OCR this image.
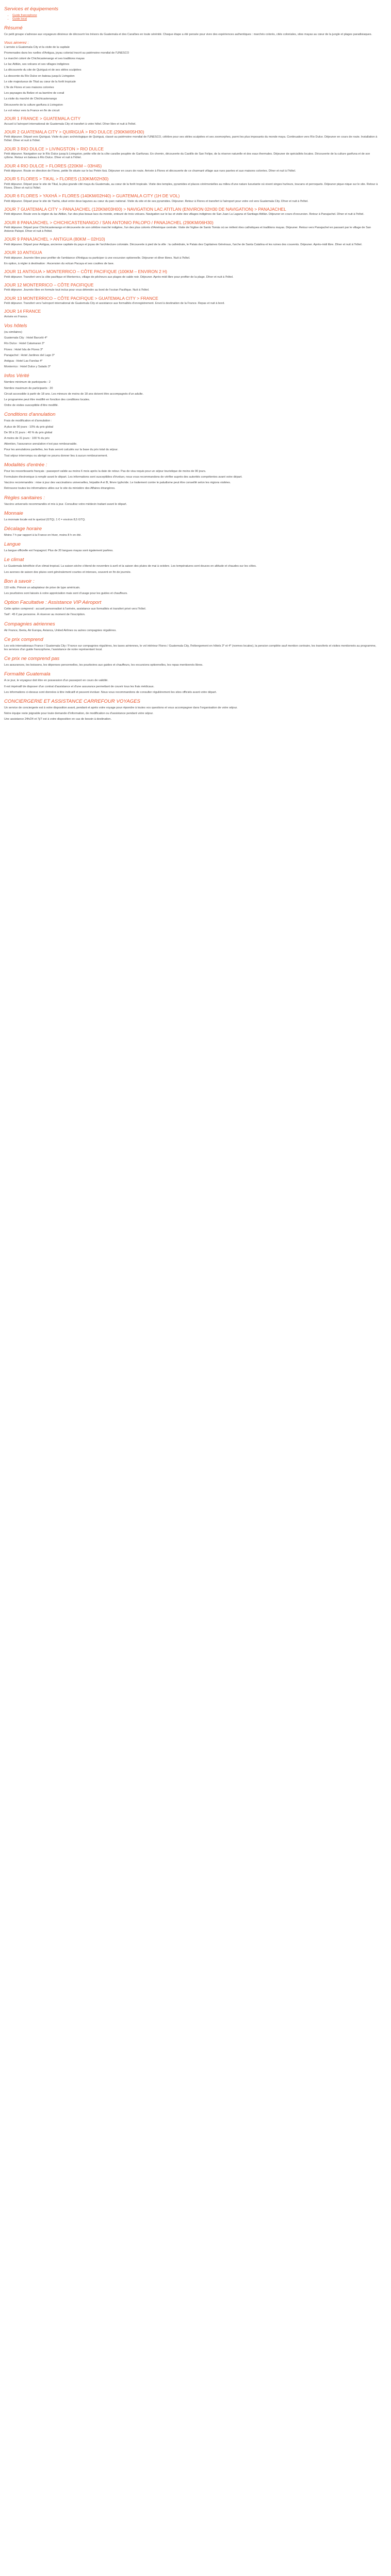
Services et équipements
• Guide francophone
• Guide local
Résumé

Ce petit groupe s'adresse aux voyageurs désireux de découvrir les trésors du Guatemala et des Caraïbes en toute sérénité. Chaque étape a été pensée pour vivre des expériences authentiques : marchés colorés, cités coloniales, sites mayas au cœur de la jungle et plages paradisiaques.

Vous aimerez :

L'arrivée à Guatemala City et la visite de la capitale

Promenades dans les ruelles d'Antigua, joyau colonial inscrit au patrimoine mondial de l'UNESCO

Le marché coloré de Chichicastenango et ses traditions mayas

Le lac Atitlán, ses volcans et ses villages indigènes

La découverte du site de Quiriguá et de ses stèles sculptées

La descente du Río Dulce en bateau jusqu'à Livingston

Le site majestueux de Tikal au cœur de la forêt tropicale

L'île de Flores et ses maisons colorées

Les paysages du Belize et sa barrière de corail

La visite du marché de Chichicastenango

Découverte de la culture garifuna à Livingston

Le vol retour vers la France en fin de circuit

JOUR 1 FRANCE > GUATEMALA CITY

Accueil à l'aéroport international de Guatemala City et transfert à votre hôtel. Dîner libre et nuit à l'hôtel.

JOUR 2 GUATEMALA CITY > QUIRIGUÁ > RIO DULCE (290KM/05H30)

Petit déjeuner. Départ vers Quiriguá. Visite du parc archéologique de Quiriguá, classé au patrimoine mondial de l'UNESCO, célèbre pour ses stèles sculptées et ses zoomorphes, parmi les plus imposants du monde maya. Continuation vers Río Dulce. Déjeuner en cours de route. Installation à l'hôtel. Dîner et nuit à l'hôtel.

JOUR 3 RIO DULCE > LIVINGSTON > RIO DULCE

Petit déjeuner. Navigation sur le Río Dulce jusqu'à Livingston, petite ville de la côte caraïbe peuplée de Garifunas. En chemin, découverte du Castillo de San Felipe, de la réserve naturelle et des eaux thermales. Déjeuner de spécialités locales. Découverte de la culture garifuna et de son rythme. Retour en bateau à Río Dulce. Dîner et nuit à l'hôtel.

JOUR 4 RIO DULCE > FLORES (220KM – 03H45)

Petit déjeuner. Route en direction de Flores, petite île située sur le lac Petén Itzá. Déjeuner en cours de route. Arrivée à Flores et découverte de ce charmant village aux rues pavées et aux maisons colorées. Dîner et nuit à l'hôtel.

JOUR 5 FLORES > TIKAL > FLORES (130KM/02H30)

Petit déjeuner. Départ pour le site de Tikal, la plus grande cité maya du Guatemala, au cœur de la forêt tropicale. Visite des temples, pyramides et places cérémonielles au milieu d'une nature luxuriante où vivent singes hurleurs, toucans et perroquets. Déjeuner pique-nique sur le site. Retour à Flores. Dîner et nuit à l'hôtel.

JOUR 6 FLORES > YAXHÁ > FLORES (140KM/02H40) > GUATEMALA CITY (1H DE VOL)

Petit déjeuner. Départ pour le site de Yaxhá, situé entre deux lagunes au cœur du parc national. Visite du site et de ses pyramides. Déjeuner. Retour à Flores et transfert à l'aéroport pour votre vol vers Guatemala City. Dîner et nuit à l'hôtel.

JOUR 7 GUATEMALA CITY > PANAJACHEL (120KM/03H00) > NAVIGATION LAC ATITLAN (ENVIRON 02H30 DE NAVIGATION) > PANAJACHEL

Petit déjeuner. Route vers la région du lac Atitlán, l'un des plus beaux lacs du monde, entouré de trois volcans. Navigation sur le lac et visite des villages indigènes de San Juan La Laguna et Santiago Atitlán. Déjeuner en cours d'excursion. Retour à Panajachel. Dîner et nuit à l'hôtel.

JOUR 8 PANAJACHEL > CHICHICASTENANGO / SAN ANTONIO PALOPO / PANAJACHEL (290KM/06H30)

Petit déjeuner. Départ pour Chichicastenango et découverte de son célèbre marché indigène, l'un des plus colorés d'Amérique centrale. Visite de l'église de Santo Tomás où se mêlent rites catholiques et traditions mayas. Déjeuner. Retour vers Panajachel en passant par le village de San Antonio Palopó. Dîner et nuit à l'hôtel.

JOUR 9 PANAJACHEL > ANTIGUA (80KM – 02H10)

Petit déjeuner. Départ pour Antigua, ancienne capitale du pays et joyau de l'architecture coloniale. Découverte à pied de la ville : la cathédrale, le Palais des Capitaines Généraux, l'arche de Santa Catalina et les ruines des couvents. Déjeuner. Après-midi libre. Dîner et nuit à l'hôtel.

JOUR 10 ANTIGUA

Petit déjeuner. Journée libre pour profiter de l'ambiance d'Antigua ou participer à une excursion optionnelle. Déjeuner et dîner libres. Nuit à l'hôtel.

En option, à régler à destination : Ascension du volcan Pacaya et ses coulées de lave.

JOUR 11 ANTIGUA > MONTERRICO – CÔTE PACIFIQUE (100KM – ENVIRON 2 H)

Petit déjeuner. Transfert vers la côte pacifique et Monterrico, village de pêcheurs aux plages de sable noir. Déjeuner. Après-midi libre pour profiter de la plage. Dîner et nuit à l'hôtel.

JOUR 12 MONTERRICO – CÔTE PACIFIQUE

Petit déjeuner. Journée libre en formule tout inclus pour vous détendre au bord de l'océan Pacifique. Nuit à l'hôtel.

JOUR 13 MONTERRICO – CÔTE PACIFIQUE > GUATEMALA CITY > FRANCE

Petit déjeuner. Transfert vers l'aéroport international de Guatemala City et assistance aux formalités d'enregistrement. Envol à destination de la France. Repas et nuit à bord.

JOUR 14 FRANCE

Arrivée en France.

Vos hôtels

(ou similaires)

Guatemala City : Hotel Barceló 4*

Río Dulce : Hotel Catamaran 3*

Flores : Hotel Isla de Flores 3*

Panajachel : Hotel Jardines del Lago 3*

Antigua : Hotel Las Farolas 4*

Monterrico : Hotel Dulce y Salado 3*

Infos Vérité

Nombre minimum de participants : 2

Nombre maximum de participants : 20

Circuit accessible à partir de 18 ans. Les mineurs de moins de 18 ans doivent être accompagnés d'un adulte.

Le programme peut être modifié en fonction des conditions locales.

Ordre de visites susceptible d'être modifié.

Conditions d'annulation

Frais de modification et d'annulation :

A plus de 90 jours : 10% du prix global

De 90 à 31 jours : 40 % du prix global

A moins de 31 jours : 100 % du prix

Attention, l'assurance annulation n'est pas remboursable.

Pour les annulations partielles, les frais seront calculés sur la base du prix total du séjour.

Tout séjour interrompu ou abrégé ne pourra donner lieu à aucun remboursement.

Modalités d'entrée :

Pour les ressortissants français : passeport valide au moins 6 mois après la date de retour. Pas de visa requis pour un séjour touristique de moins de 90 jours.

Formulaire électronique à remplir avant le départ. Les informations sont susceptibles d'évoluer, nous vous recommandons de vérifier auprès des autorités compétentes avant votre départ.

Vaccins recommandés : mise à jour des vaccinations universelles, hépatite A et B, fièvre typhoïde. Le traitement contre le paludisme peut être conseillé selon les régions visitées.

Retrouvez toutes les informations utiles sur le site du ministère des Affaires étrangères.

Règles sanitaires :

Vaccins universels recommandés et mis à jour. Consultez votre médecin traitant avant le départ.

Monnaie

La monnaie locale est le quetzal (GTQ). 1 € = environ 8,5 GTQ.

Décalage horaire

Moins 7 h par rapport à la France en hiver, moins 8 h en été.

Langue

La langue officielle est l'espagnol. Plus de 20 langues mayas sont également parlées.

Le climat

Le Guatemala bénéficie d'un climat tropical. La saison sèche s'étend de novembre à avril et la saison des pluies de mai à octobre. Les températures sont douces en altitude et chaudes sur les côtes.

Les averses de saison des pluies sont généralement courtes et intenses, souvent en fin de journée.

Bon à savoir :

110 volts. Prévoir un adaptateur de prise de type américain.

Les pourboires sont laissés à votre appréciation mais sont d'usage pour les guides et chauffeurs.

Option Facultative : Assistance VIP Aéroport

Cette option comprend : accueil personnalisé à l'arrivée, assistance aux formalités et transfert privé vers l'hôtel.

Tarif : 45 € par personne. À réserver au moment de l'inscription.

Compagnies aériennes

Air France, Iberia, Air Europa, Avianca, United Airlines ou autres compagnies régulières.

Ce prix comprend

Les vols internationaux France / Guatemala City / France sur compagnies régulières, les taxes aériennes, le vol intérieur Flores / Guatemala City, l'hébergement en hôtels 3* et 4* (normes locales), la pension complète sauf mention contraire, les transferts et visites mentionnés au programme, les services d'un guide francophone, l'assistance de notre représentant local.

Ce prix ne comprend pas

Les assurances, les boissons, les dépenses personnelles, les pourboires aux guides et chauffeurs, les excursions optionnelles, les repas mentionnés libres.

Formalité Guatemala

A ce jour, le voyageur doit être en possession d'un passeport en cours de validité.

Il est impératif de disposer d'un contrat d'assistance et d'une assurance permettant de couvrir tous les frais médicaux.

Les informations ci-dessus sont données à titre indicatif et peuvent évoluer. Nous vous recommandons de consulter régulièrement les sites officiels avant votre départ.

CONCIERGERIE ET ASSISTANCE CARREFOUR VOYAGES

Un service de conciergerie est à votre disposition avant, pendant et après votre voyage pour répondre à toutes vos questions et vous accompagner dans l'organisation de votre séjour.

Notre équipe reste joignable pour toute demande d'information, de modification ou d'assistance pendant votre séjour.

Une assistance 24h/24 et 7j/7 est à votre disposition en cas de besoin à destination.
